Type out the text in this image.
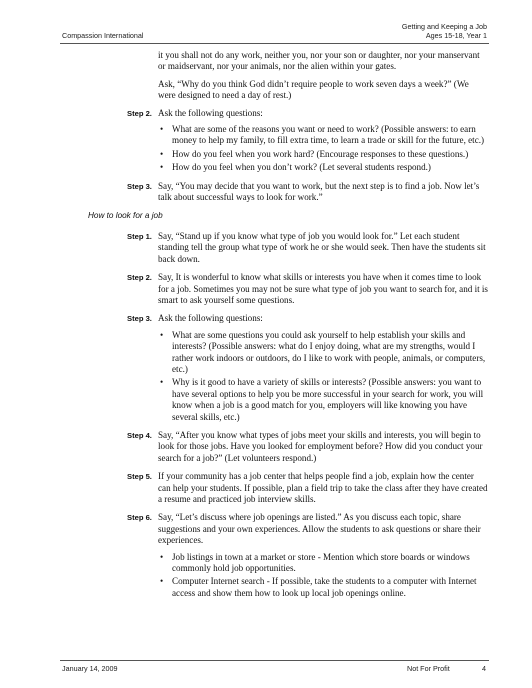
Compassion International
Getting and Keeping a Job
Ages 15-18, Year 1

it you shall not do any work, neither you, nor your son or daughter, nor your manservant or maidservant, nor your animals, nor the alien within your gates.

Ask, “Why do you think God didn’t require people to work seven days a week?” (We were designed to need a day of rest.)

Step 2. Ask the following questions:
• What are some of the reasons you want or need to work? (Possible answers: to earn money to help my family, to fill extra time, to learn a trade or skill for the future, etc.)
• How do you feel when you work hard? (Encourage responses to these questions.)
• How do you feel when you don’t work? (Let several students respond.)
Step 3. Say, “You may decide that you want to work, but the next step is to find a job. Now let’s talk about successful ways to look for work.”
How to look for a job
Step 1. Say, “Stand up if you know what type of job you would look for.” Let each student standing tell the group what type of work he or she would seek. Then have the students sit back down.
Step 2. Say, It is wonderful to know what skills or interests you have when it comes time to look for a job. Sometimes you may not be sure what type of job you want to search for, and it is smart to ask yourself some questions.
Step 3. Ask the following questions:
• What are some questions you could ask yourself to help establish your skills and interests? (Possible answers: what do I enjoy doing, what are my strengths, would I rather work indoors or outdoors, do I like to work with people, animals, or computers, etc.)
• Why is it good to have a variety of skills or interests? (Possible answers: you want to have several options to help you be more successful in your search for work, you will know when a job is a good match for you, employers will like knowing you have several skills, etc.)
Step 4. Say, “After you know what types of jobs meet your skills and interests, you will begin to look for those jobs. Have you looked for employment before? How did you conduct your search for a job?” (Let volunteers respond.)
Step 5. If your community has a job center that helps people find a job, explain how the center can help your students. If possible, plan a field trip to take the class after they have created a resume and practiced job interview skills.
Step 6. Say, “Let’s discuss where job openings are listed.” As you discuss each topic, share suggestions and your own experiences. Allow the students to ask questions or share their experiences.
• Job listings in town at a market or store - Mention which store boards or windows commonly hold job opportunities.
• Computer Internet search - If possible, take the students to a computer with Internet access and show them how to look up local job openings online.
January 14, 2009	Not For Profit	4
